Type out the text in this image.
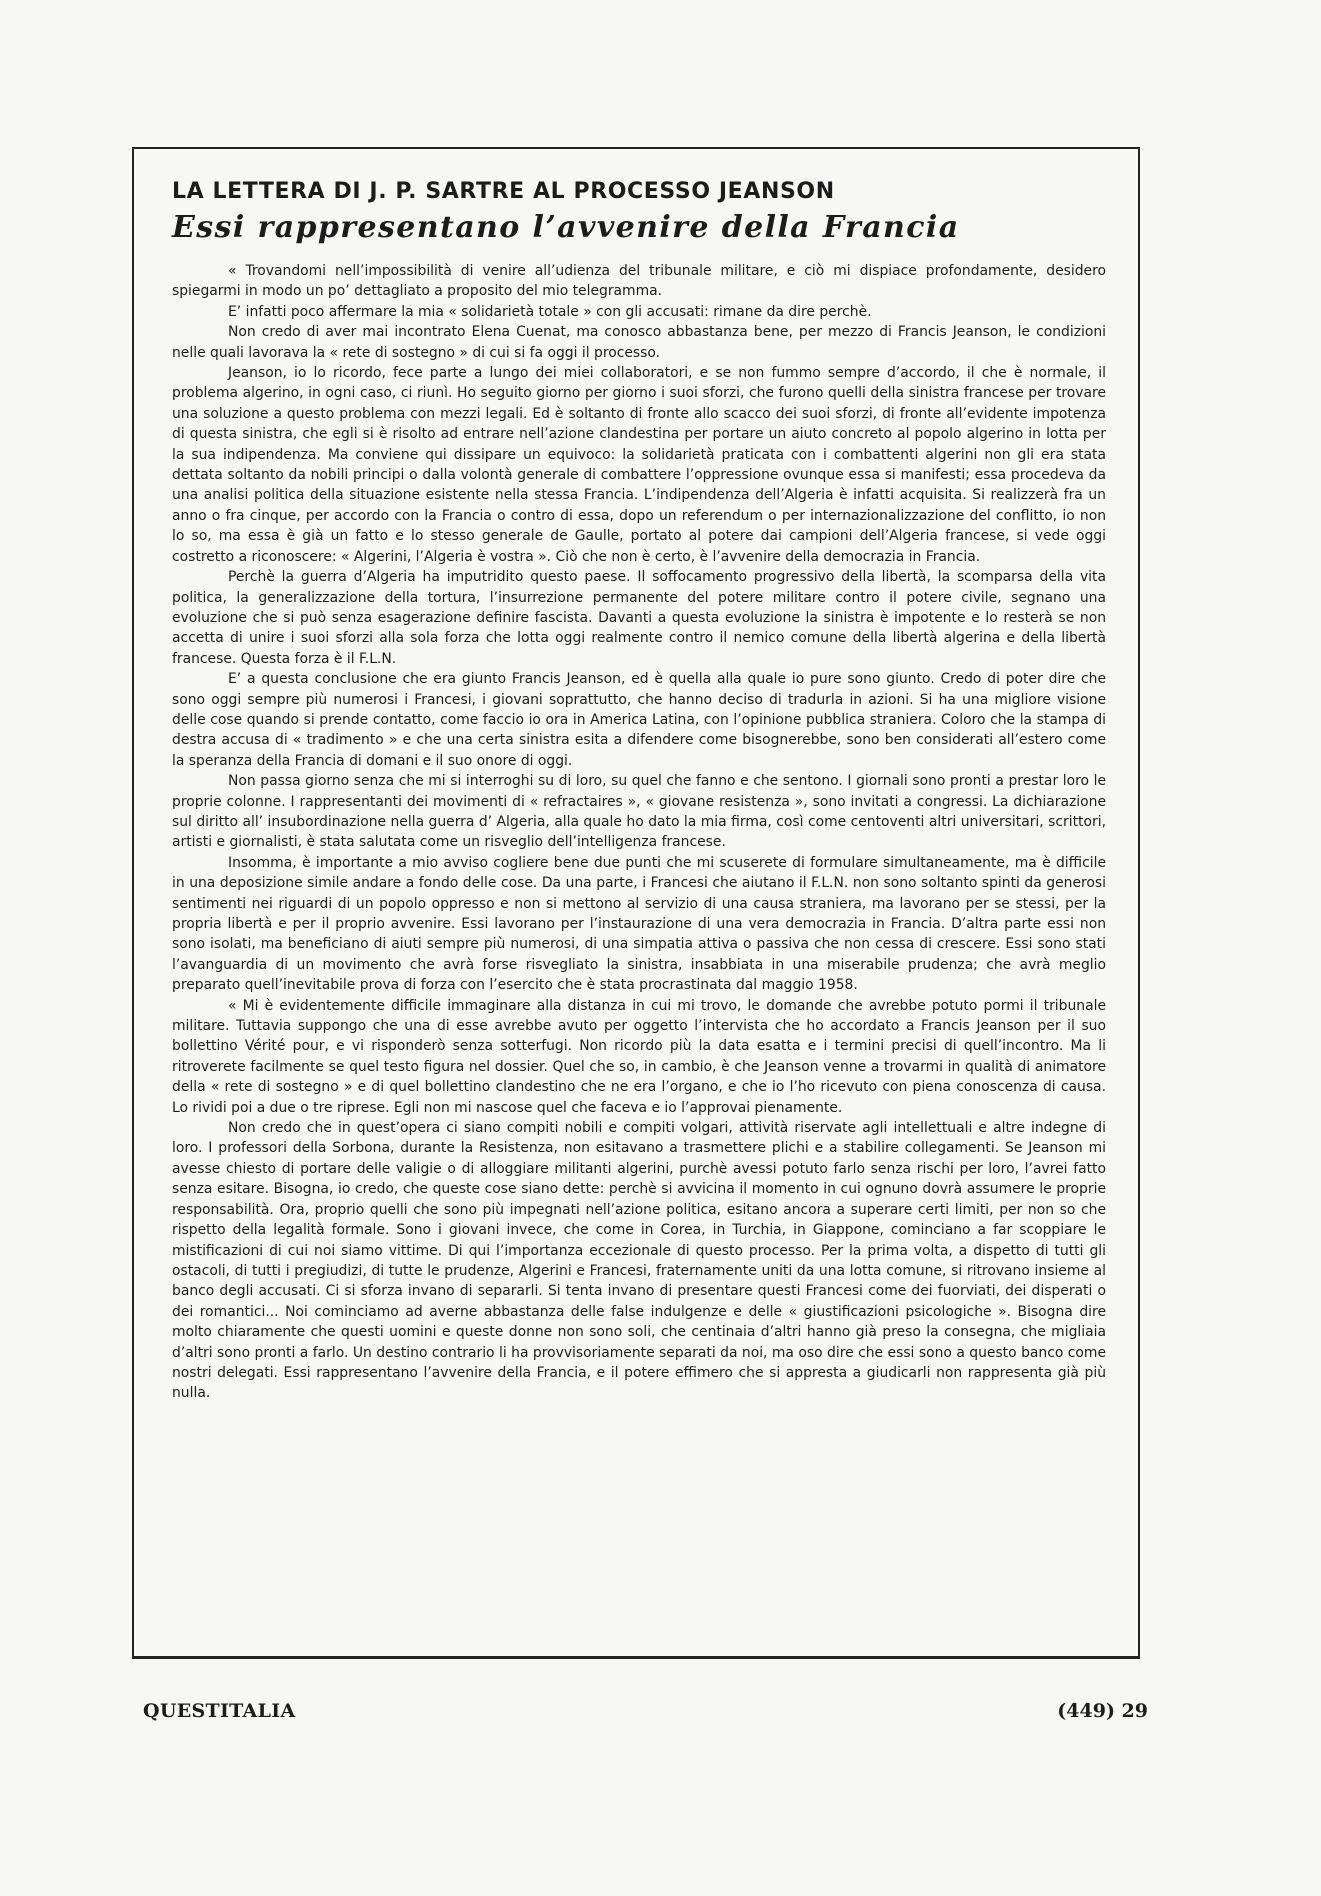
LA LETTERA DI J. P. SARTRE AL PROCESSO JEANSON
Essi rappresentano l’avvenire della Francia

« Trovandomi nell’impossibilità di venire all’udienza del tribunale militare, e ciò mi dispiace profondamente, desidero spiegarmi in modo un po’ dettagliato a proposito del mio telegramma.

E’ infatti poco affermare la mia « solidarietà totale » con gli accusati: rimane da dire perchè.

Non credo di aver mai incontrato Elena Cuenat, ma conosco abbastanza bene, per mezzo di Francis Jeanson, le condizioni nelle quali lavorava la « rete di sostegno » di cui si fa oggi il processo.

Jeanson, io lo ricordo, fece parte a lungo dei miei collaboratori, e se non fummo sempre d’accordo, il che è normale, il problema algerino, in ogni caso, ci riunì. Ho seguito giorno per giorno i suoi sforzi, che furono quelli della sinistra francese per trovare una soluzione a questo problema con mezzi legali. Ed è soltanto di fronte allo scacco dei suoi sforzi, di fronte all’evidente impotenza di questa sinistra, che egli si è risolto ad entrare nell’azione clandestina per portare un aiuto concreto al popolo algerino in lotta per la sua indipendenza. Ma conviene qui dissipare un equivoco: la solidarietà praticata con i combattenti algerini non gli era stata dettata soltanto da nobili principi o dalla volontà generale di combattere l’oppressione ovunque essa si manifesti; essa procedeva da una analisi politica della situazione esistente nella stessa Francia. L’indipendenza dell’Algeria è infatti acquisita. Si realizzerà fra un anno o fra cinque, per accordo con la Francia o contro di essa, dopo un referendum o per internazionalizzazione del conflitto, io non lo so, ma essa è già un fatto e lo stesso generale de Gaulle, portato al potere dai campioni dell’Algeria francese, si vede oggi costretto a riconoscere: « Algerini, l’Algeria è vostra ». Ciò che non è certo, è l’avvenire della democrazia in Francia.

Perchè la guerra d’Algeria ha imputridito questo paese. Il soffocamento progressivo della libertà, la scomparsa della vita politica, la generalizzazione della tortura, l’insurrezione permanente del potere militare contro il potere civile, segnano una evoluzione che si può senza esagerazione definire fascista. Davanti a questa evoluzione la sinistra è impotente e lo resterà se non accetta di unire i suoi sforzi alla sola forza che lotta oggi realmente contro il nemico comune della libertà algerina e della libertà francese. Questa forza è il F.L.N.

E’ a questa conclusione che era giunto Francis Jeanson, ed è quella alla quale io pure sono giunto. Credo di poter dire che sono oggi sempre più numerosi i Francesi, i giovani soprattutto, che hanno deciso di tradurla in azioni. Si ha una migliore visione delle cose quando si prende contatto, come faccio io ora in America Latina, con l’opinione pubblica straniera. Coloro che la stampa di destra accusa di « tradimento » e che una certa sinistra esita a difendere come bisognerebbe, sono ben considerati all’estero come la speranza della Francia di domani e il suo onore di oggi.

Non passa giorno senza che mi si interroghi su di loro, su quel che fanno e che sentono. I giornali sono pronti a prestar loro le proprie colonne. I rappresentanti dei movimenti di « refractaires », « giovane resistenza », sono invitati a congressi. La dichiarazione sul diritto all’ insubordinazione nella guerra d’ Algeria, alla quale ho dato la mia firma, così come centoventi altri universitari, scrittori, artisti e giornalisti, è stata salutata come un risveglio dell’intelligenza francese.

Insomma, è importante a mio avviso cogliere bene due punti che mi scuserete di formulare simultaneamente, ma è difficile in una deposizione simile andare a fondo delle cose. Da una parte, i Francesi che aiutano il F.L.N. non sono soltanto spinti da generosi sentimenti nei riguardi di un popolo oppresso e non si mettono al servizio di una causa straniera, ma lavorano per se stessi, per la propria libertà e per il proprio avvenire. Essi lavorano per l’instaurazione di una vera democrazia in Francia. D’altra parte essi non sono isolati, ma beneficiano di aiuti sempre più numerosi, di una simpatia attiva o passiva che non cessa di crescere. Essi sono stati l’avanguardia di un movimento che avrà forse risvegliato la sinistra, insabbiata in una miserabile prudenza; che avrà meglio preparato quell’inevitabile prova di forza con l’esercito che è stata procrastinata dal maggio 1958.

« Mi è evidentemente difficile immaginare alla distanza in cui mi trovo, le domande che avrebbe potuto pormi il tribunale militare. Tuttavia suppongo che una di esse avrebbe avuto per oggetto l’intervista che ho accordato a Francis Jeanson per il suo bollettino Vérité pour, e vi risponderò senza sotterfugi. Non ricordo più la data esatta e i termini precisi di quell’incontro. Ma li ritroverete facilmente se quel testo figura nel dossier. Quel che so, in cambio, è che Jeanson venne a trovarmi in qualità di animatore della « rete di sostegno » e di quel bollettino clandestino che ne era l’organo, e che io l’ho ricevuto con piena conoscenza di causa. Lo rividi poi a due o tre riprese. Egli non mi nascose quel che faceva e io l’approvai pienamente.

Non credo che in quest’opera ci siano compiti nobili e compiti volgari, attività riservate agli intellettuali e altre indegne di loro. I professori della Sorbona, durante la Resistenza, non esitavano a trasmettere plichi e a stabilire collegamenti. Se Jeanson mi avesse chiesto di portare delle valigie o di alloggiare militanti algerini, purchè avessi potuto farlo senza rischi per loro, l’avrei fatto senza esitare. Bisogna, io credo, che queste cose siano dette: perchè si avvicina il momento in cui ognuno dovrà assumere le proprie responsabilità. Ora, proprio quelli che sono più impegnati nell’azione politica, esitano ancora a superare certi limiti, per non so che rispetto della legalità formale. Sono i giovani invece, che come in Corea, in Turchia, in Giappone, cominciano a far scoppiare le mistificazioni di cui noi siamo vittime. Di qui l’importanza eccezionale di questo processo. Per la prima volta, a dispetto di tutti gli ostacoli, di tutti i pregiudizi, di tutte le prudenze, Algerini e Francesi, fraternamente uniti da una lotta comune, si ritrovano insieme al banco degli accusati. Ci si sforza invano di separarli. Si tenta invano di presentare questi Francesi come dei fuorviati, dei disperati o dei romantici... Noi cominciamo ad averne abbastanza delle false indulgenze e delle « giustificazioni psicologiche ». Bisogna dire molto chiaramente che questi uomini e queste donne non sono soli, che centinaia d’altri hanno già preso la consegna, che migliaia d’altri sono pronti a farlo. Un destino contrario li ha provvisoriamente separati da noi, ma oso dire che essi sono a questo banco come nostri delegati. Essi rappresentano l’avvenire della Francia, e il potere effimero che si appresta a giudicarli non rappresenta già più nulla.

QUESTITALIA	(449) 29
